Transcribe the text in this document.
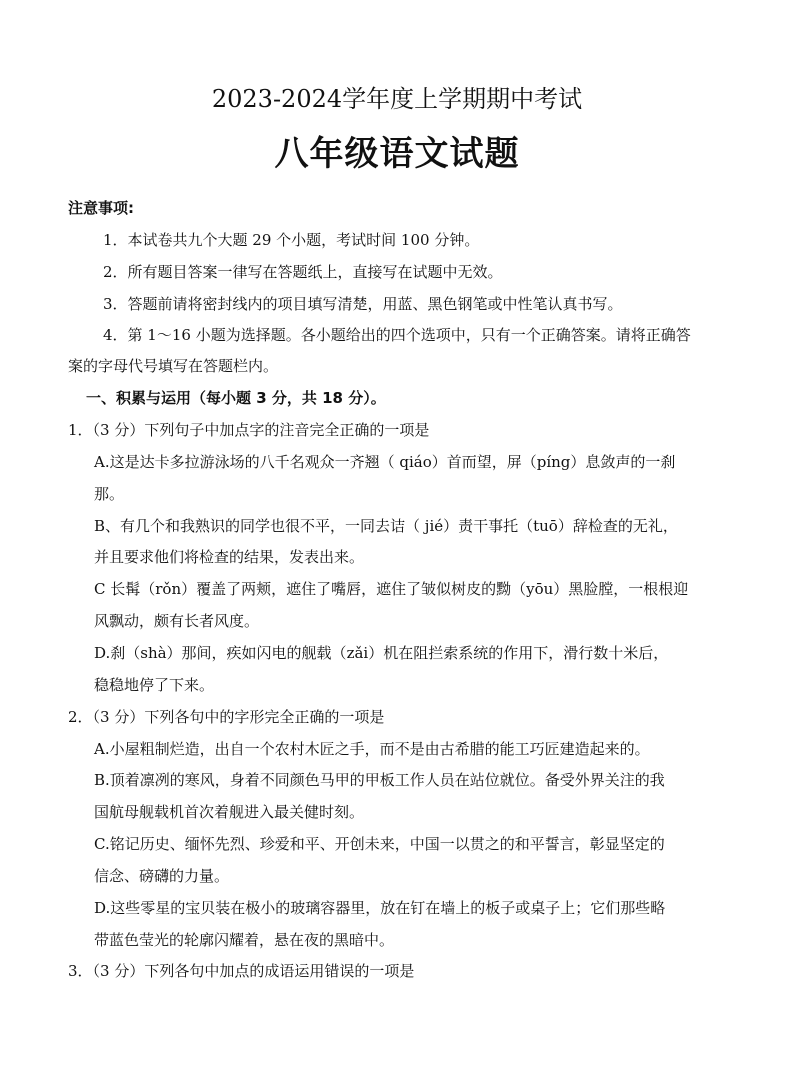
2023-2024学年度上学期期中考试
八年级语文试题
注意事项:
1．本试卷共九个大题 29 个小题，考试时间 100 分钟。
2．所有题目答案一律写在答题纸上，直接写在试题中无效。
3．答题前请将密封线内的项目填写清楚，用蓝、黑色钢笔或中性笔认真书写。
4．第 1～16 小题为选择题。各小题给出的四个选项中，只有一个正确答案。请将正确答
案的字母代号填写在答题栏内。
一、积累与运用（每小题 3 分，共 18 分）。
1．（3 分）下列句子中加点字的注音完全正确的一项是
A.这是达卡多拉游泳场的八千名观众一齐翘（ qiáo）首而望，屏（píng）息敛声的一刹
那。
B、有几个和我熟识的同学也很不平，一同去诘（ jié）责干事托（tuō）辞检查的无礼，
并且要求他们将检查的结果，发表出来。
C 长髯（rǒn）覆盖了两颊，遮住了嘴唇，遮住了皱似树皮的黝（yōu）黑脸膛，一根根迎
风飘动，颇有长者风度。
D.刹（shà）那间，疾如闪电的舰载（zǎi）机在阻拦索系统的作用下，滑行数十米后，
稳稳地停了下来。
2．（3 分）下列各句中的字形完全正确的一项是
A.小屋粗制烂造，出自一个农村木匠之手，而不是由古希腊的能工巧匠建造起来的。
B.顶着凛冽的寒风，身着不同颜色马甲的甲板工作人员在站位就位。备受外界关注的我
国航母舰载机首次着舰进入最关健时刻。
C.铭记历史、缅怀先烈、珍爱和平、开创未来，中国一以贯之的和平誓言，彰显坚定的
信念、磅礴的力量。
D.这些零星的宝贝装在极小的玻璃容器里，放在钉在墙上的板子或桌子上；它们那些略
带蓝色莹光的轮廓闪耀着，悬在夜的黑暗中。
3．（3 分）下列各句中加点的成语运用错误的一项是
